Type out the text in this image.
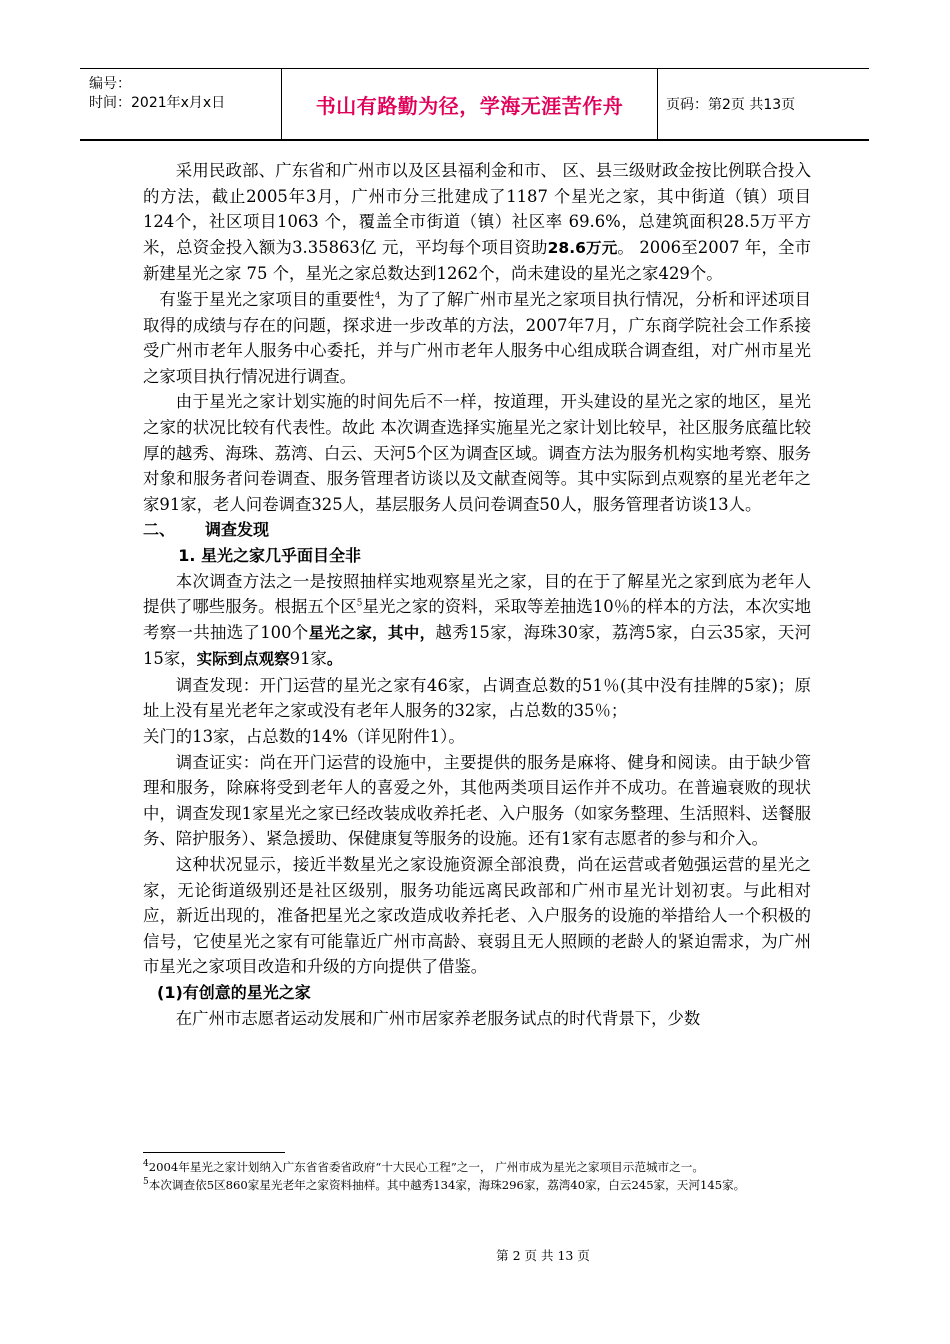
编号：
时间：2021年x月x日	书山有路勤为径，学海无涯苦作舟	页码：第2页 共13页

采用民政部、广东省和广州市以及区县福利金和市、 区、县三级财政金按比例联合投入的方法，截止2005年3月，广州市分三批建成了1187 个星光之家，其中街道（镇）项目124个，社区项目1063 个，覆盖全市街道（镇）社区率 69.6%，总建筑面积28.5万平方米，总资金投入额为3.35863亿 元，平均每个项目资助28.6万元。 2006至2007 年，全市新建星光之家 75 个，星光之家总数达到1262个，尚未建设的星光之家429个。

有鉴于星光之家项目的重要性$^4$，为了了解广州市星光之家项目执行情况，分析和评述项目取得的成绩与存在的问题，探求进一步改革的方法，2007年7月，广东商学院社会工作系接受广州市老年人服务中心委托，并与广州市老年人服务中心组成联合调查组，对广州市星光之家项目执行情况进行调查。

由于星光之家计划实施的时间先后不一样，按道理，开头建设的星光之家的地区，星光之家的状况比较有代表性。故此 本次调查选择实施星光之家计划比较早，社区服务底蕴比较厚的越秀、海珠、荔湾、白云、天河5个区为调查区域。调查方法为服务机构实地考察、服务对象和服务者问卷调查、服务管理者访谈以及文献查阅等。其中实际到点观察的星光老年之家91家，老人问卷调查325人，基层服务人员问卷调查50人，服务管理者访谈13人。

二、 调查发现

1. 星光之家几乎面目全非

本次调查方法之一是按照抽样实地观察星光之家，目的在于了解星光之家到底为老年人提供了哪些服务。根据五个区$^5$星光之家的资料，采取等差抽选10％的样本的方法，本次实地考察一共抽选了100个星光之家，其中，越秀15家，海珠30家，荔湾5家，白云35家，天河15家，实际到点观察91家。

调查发现：开门运营的星光之家有46家，占调查总数的51％(其中没有挂牌的5家)；原址上没有星光老年之家或没有老年人服务的32家，占总数的35％；

关门的13家，占总数的14%（详见附件1）。

调查证实：尚在开门运营的设施中，主要提供的服务是麻将、健身和阅读。由于缺少管理和服务，除麻将受到老年人的喜爱之外，其他两类项目运作并不成功。在普遍衰败的现状中，调查发现1家星光之家已经改装成收养托老、入户服务（如家务整理、生活照料、送餐服务、陪护服务）、紧急援助、保健康复等服务的设施。还有1家有志愿者的参与和介入。

这种状况显示，接近半数星光之家设施资源全部浪费，尚在运营或者勉强运营的星光之家，无论街道级别还是社区级别，服务功能远离民政部和广州市星光计划初衷。与此相对应，新近出现的，准备把星光之家改造成收养托老、入户服务的设施的举措给人一个积极的信号，它使星光之家有可能靠近广州市高龄、衰弱且无人照顾的老龄人的紧迫需求，为广州市星光之家项目改造和升级的方向提供了借鉴。

(1)有创意的星光之家

在广州市志愿者运动发展和广州市居家养老服务试点的时代背景下，少数

$^4$2004年星光之家计划纳入广东省省委省政府“十大民心工程”之一， 广州市成为星光之家项目示范城市之一。

$^5$本次调查依5区860家星光老年之家资料抽样。其中越秀134家，海珠296家，荔湾40家，白云245家，天河145家。

第 2 页 共 13 页
